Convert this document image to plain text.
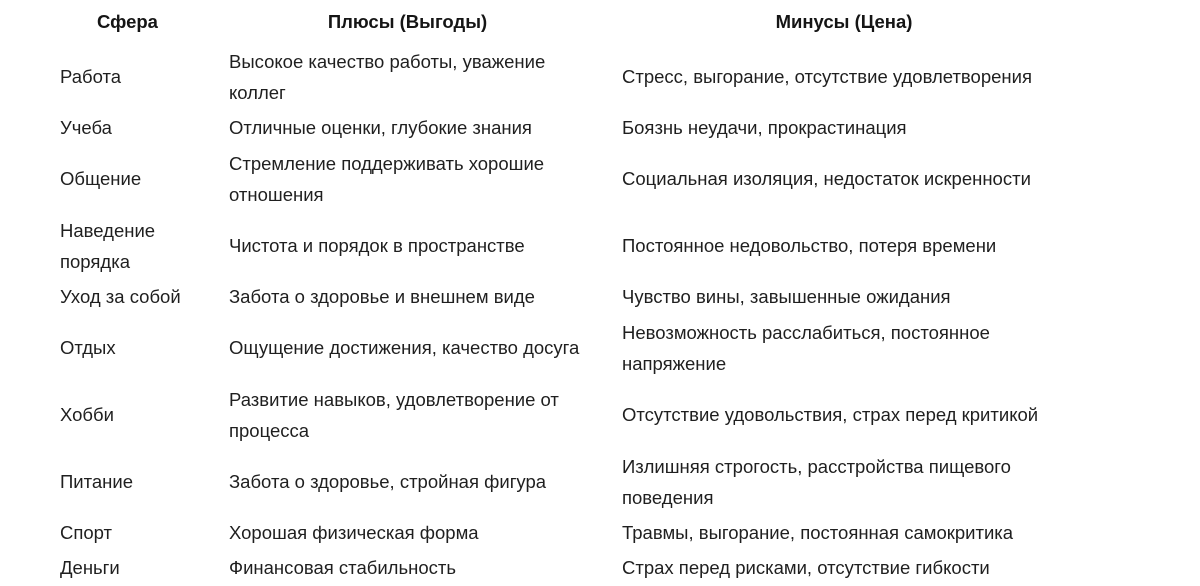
Сфера	Плюсы (Выгоды)	Минусы (Цена)
Работа	Высокое качество работы, уважение коллег	Стресс, выгорание, отсутствие удовлетворения
Учеба	Отличные оценки, глубокие знания	Боязнь неудачи, прокрастинация
Общение	Стремление поддерживать хорошие отношения	Социальная изоляция, недостаток искренности
Наведение порядка	Чистота и порядок в пространстве	Постоянное недовольство, потеря времени
Уход за собой	Забота о здоровье и внешнем виде	Чувство вины, завышенные ожидания
Отдых	Ощущение достижения, качество досуга	Невозможность расслабиться, постоянное напряжение
Хобби	Развитие навыков, удовлетворение от процесса	Отсутствие удовольствия, страх перед критикой
Питание	Забота о здоровье, стройная фигура	Излишняя строгость, расстройства пищевого поведения
Спорт	Хорошая физическая форма	Травмы, выгорание, постоянная самокритика
Деньги	Финансовая стабильность	Страх перед рисками, отсутствие гибкости
